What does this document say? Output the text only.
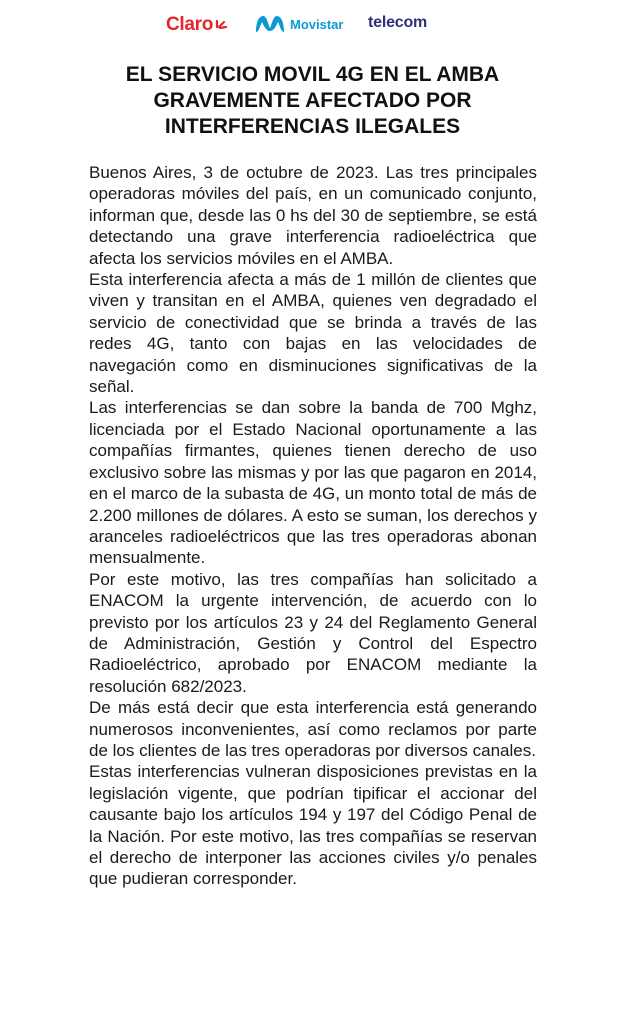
Claro	Movistar telecom
EL SERVICIO MOVIL 4G EN EL AMBA
GRAVEMENTE AFECTADO POR
INTERFERENCIAS ILEGALES

Buenos Aires, 3 de octubre de 2023. Las tres principales operadoras móviles del país, en un comunicado conjunto, informan que, desde las 0 hs del 30 de septiembre, se está detectando una grave interferencia radioeléctrica que afecta los servicios móviles en el AMBA.

Esta interferencia afecta a más de 1 millón de clientes que viven y transitan en el AMBA, quienes ven degradado el servicio de conectividad que se brinda a través de las redes 4G, tanto con bajas en las velocidades de navegación como en disminuciones significativas de la señal.

Las interferencias se dan sobre la banda de 700 Mghz, licenciada por el Estado Nacional oportunamente a las compañías firmantes, quienes tienen derecho de uso exclusivo sobre las mismas y por las que pagaron en 2014, en el marco de la subasta de 4G, un monto total de más de 2.200 millones de dólares. A esto se suman, los derechos y aranceles radioeléctricos que las tres operadoras abonan mensualmente.

Por este motivo, las tres compañías han solicitado a ENACOM la urgente intervención, de acuerdo con lo previsto por los artículos 23 y 24 del Reglamento General de Administración, Gestión y Control del Espectro Radioeléctrico, aprobado por ENACOM mediante la resolución 682/2023.

De más está decir que esta interferencia está generando numerosos inconvenientes, así como reclamos por parte de los clientes de las tres operadoras por diversos canales.

Estas interferencias vulneran disposiciones previstas en la legislación vigente, que podrían tipificar el accionar del causante bajo los artículos 194 y 197 del Código Penal de la Nación. Por este motivo, las tres compañías se reservan el derecho de interponer las acciones civiles y/o penales que pudieran corresponder.
